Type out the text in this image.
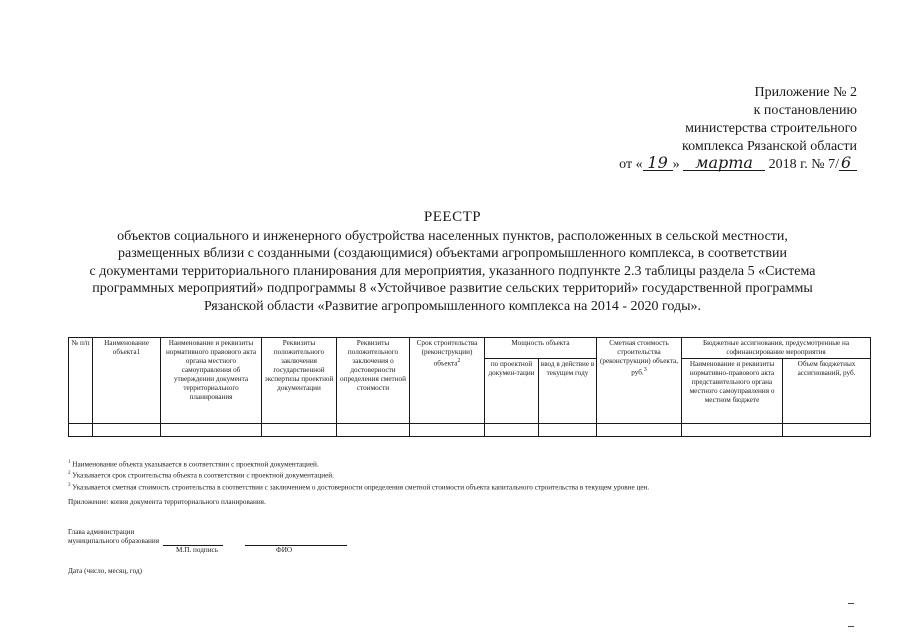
Приложение № 2
к постановлению
министерства строительного
комплекса Рязанской области
от « 19 » марта 2018 г. № 7/ 6
РЕЕСТР
объектов социального и инженерного обустройства населенных пунктов, расположенных в сельской местности,
размещенных вблизи с созданными (создающимися) объектами агропромышленного комплекса, в соответствии
с документами территориального планирования для мероприятия, указанного подпункте 2.3 таблицы раздела 5 «Система
программных мероприятий» подпрограммы 8 «Устойчивое развитие сельских территорий» государственной программы
Рязанской области «Развитие агропромышленного комплекса на 2014 - 2020 годы».
№ п/п	Наименование объекта1	Наименование и реквизиты нормативного правового акта органа местного самоуправления об утверждении документа территориального планирования	Реквизиты положительного заключения государственной экспертизы проектной документации	Реквизиты положительного заключения о достоверности определения сметной стоимости	Срок строительства (реконструкции) объекта$^2$	Мощность объекта		Сметная стоимость строительства (реконструкции) объекта, руб.$^3$	Бюджетные ассигнования, предусмотренные на софинансирование мероприятия	
						по проектной докумен-тации	ввод в действие в текущем году		Наименование и реквизиты нормативно-правового акта представительного органа местного самоуправления о местном бюджете	Объем бюджетных ассигнований, руб.

$^1$ Наименование объекта указывается в соответствии с проектной документацией.
$^2$ Указывается срок строительства объекта в соответствии с проектной документацией.
$^3$ Указывается сметная стоимость строительства в соответствии с заключением о достоверности определения сметной стоимости объекта капитального строительства в текущем уровне цен.
Приложение: копия документа территориального планирования.
Глава администрации
муниципального образования
М.П. подпись	ФИО
Дата (число, месяц, год)
